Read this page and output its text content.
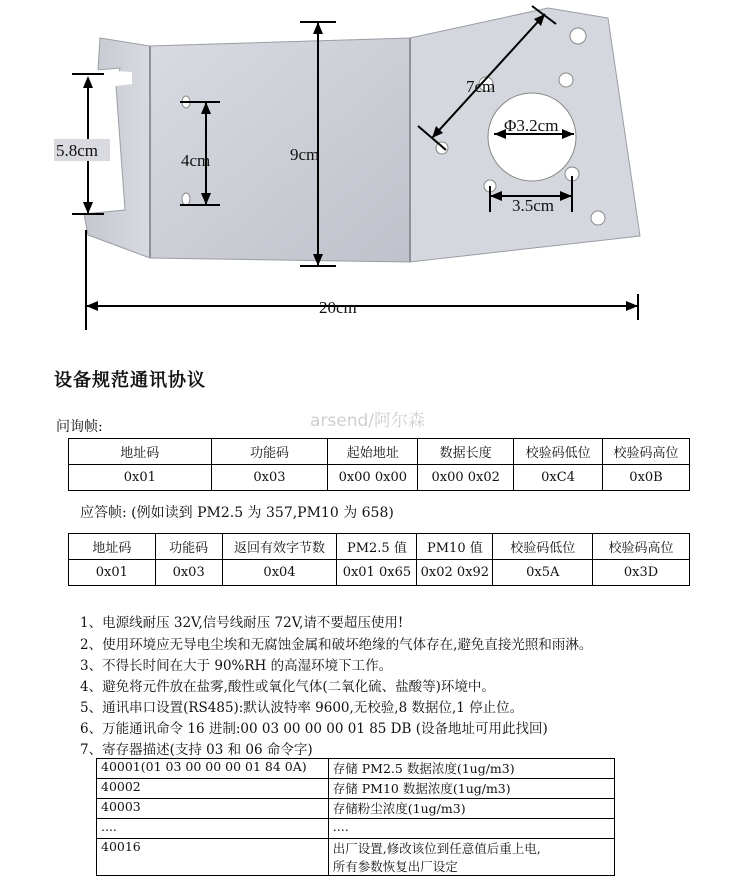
5.8cm
4cm	9cm
7cm
Φ3.2cm
3.5cm
20cm
设备规范通讯协议
arsend/阿尔森
问询帧:
地址码	功能码	起始地址	数据长度	校验码低位	校验码高位
0x01	0x03	0x00 0x00	0x00 0x02	0xC4	0x0B
应答帧: (例如读到 PM2.5 为 357,PM10 为 658)
地址码	功能码	返回有效字节数	PM2.5 值	PM10 值	校验码低位	校验码高位
0x01	0x03	0x04	0x01 0x65	0x02 0x92	0x5A	0x3D
1、电源线耐压 32V,信号线耐压 72V,请不要超压使用!
2、使用环境应无导电尘埃和无腐蚀金属和破坏绝缘的气体存在,避免直接光照和雨淋。
3、不得长时间在大于 90%RH 的高湿环境下工作。
4、避免将元件放在盐雾,酸性或氧化气体(二氧化硫、盐酸等)环境中。
5、通讯串口设置(RS485):默认波特率 9600,无校验,8 数据位,1 停止位。
6、万能通讯命令 16 进制:00 03 00 00 00 01 85 DB (设备地址可用此找回)
7、寄存器描述(支持 03 和 06 命令字)
40001(01 03 00 00 00 01 84 0A)	存储 PM2.5 数据浓度(1ug/m3)
40002	存储 PM10 数据浓度(1ug/m3)
40003	存储粉尘浓度(1ug/m3)
....	....
40016	出厂设置,修改该位到任意值后重上电,
所有参数恢复出厂设定
